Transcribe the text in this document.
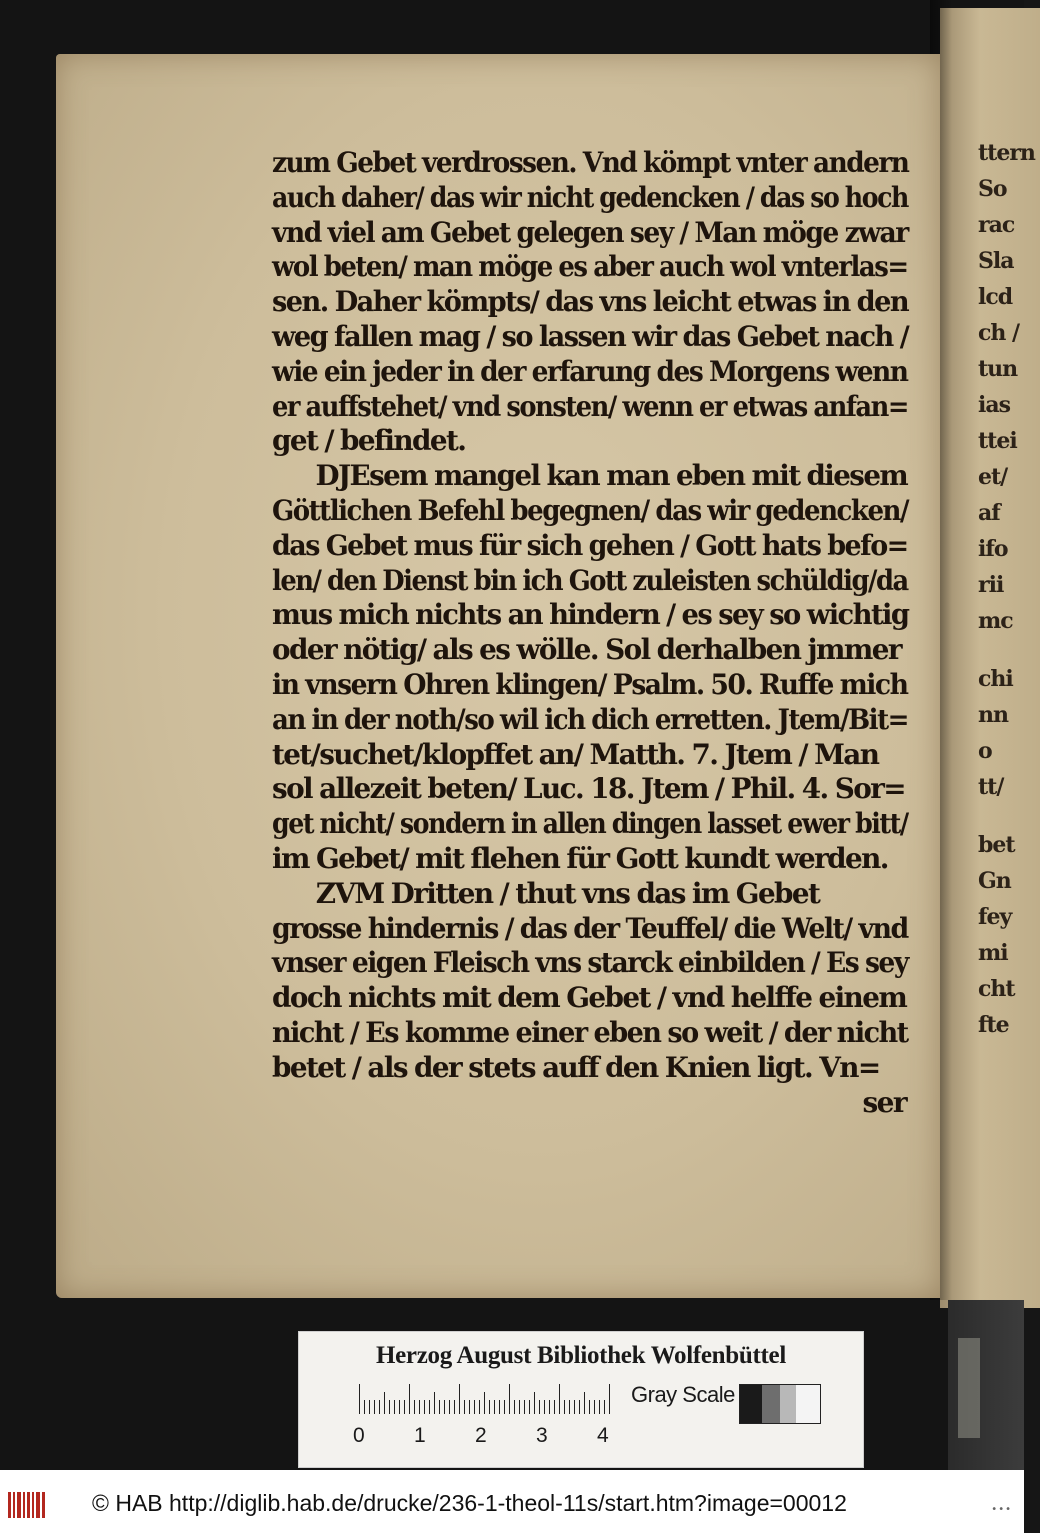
ttern
So
rac
Sla
lcd
ch /
tun
ias
ttei
et/
af
ifo
rii
mc
chi
nn
o
tt/
bet
Gn
fey
mi
cht
fte
zum Gebet verdrossen. Vnd kömpt vnter andern
auch daher/ das wir nicht gedencken / das so hoch
vnd viel am Gebet gelegen sey / Man möge zwar
wol beten/ man möge es aber auch wol vnterlas=
sen. Daher kömpts/ das vns leicht etwas in den
weg fallen mag / so lassen wir das Gebet nach /
wie ein jeder in der erfarung des Morgens wenn
er auffstehet/ vnd sonsten/ wenn er etwas anfan=
get / befindet.
DJEsem mangel kan man eben mit diesem
Göttlichen Befehl begegnen/ das wir gedencken/
das Gebet mus für sich gehen / Gott hats befo=
len/ den Dienst bin ich Gott zuleisten schüldig/da
mus mich nichts an hindern / es sey so wichtig
oder nötig/ als es wölle. Sol derhalben jmmer
in vnsern Ohren klingen/ Psalm. 50. Ruffe mich
an in der noth/so wil ich dich erretten. Jtem/Bit=
tet/suchet/klopffet an/ Matth. 7. Jtem / Man
sol allezeit beten/ Luc. 18. Jtem / Phil. 4. Sor=
get nicht/ sondern in allen dingen lasset ewer bitt/
im Gebet/ mit flehen für Gott kundt werden.
ZVM Dritten / thut vns das im Gebet
grosse hindernis / das der Teuffel/ die Welt/ vnd
vnser eigen Fleisch vns starck einbilden / Es sey
doch nichts mit dem Gebet / vnd helffe einem
nicht / Es komme einer eben so weit / der nicht
betet / als der stets auff den Knien ligt. Vn=
ser
Herzog August Bibliothek Wolfenbüttel
0 1 2 3 4
Gray Scale
© HAB http://diglib.hab.de/drucke/236-1-theol-11s/start.htm?image=00012	•••
